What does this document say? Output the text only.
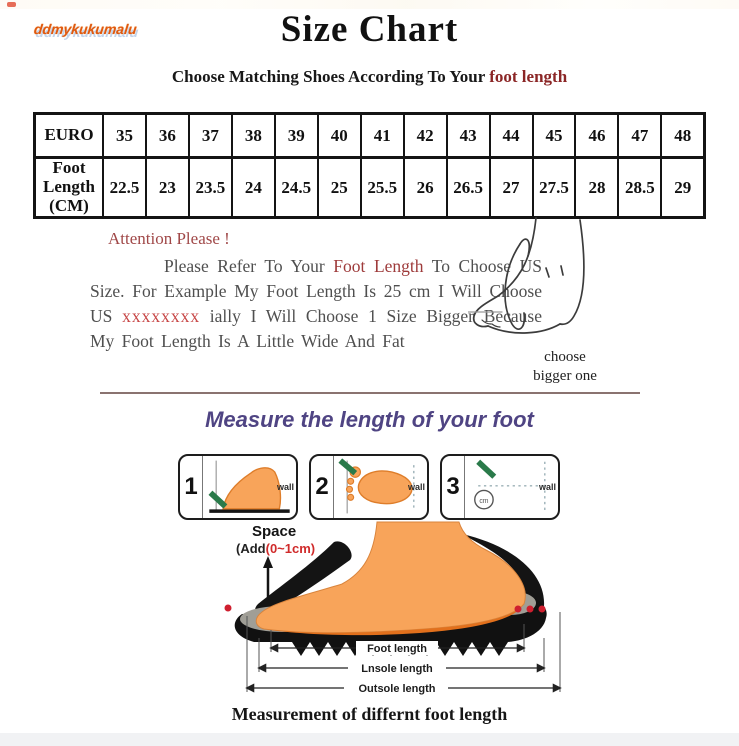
ddmykukumalu	Size Chart
Choose Matching Shoes According To Your foot length
EURO	35	36	37	38	39	40	41	42	43	44	45	46	47	48
Foot Length (CM)	22.5	23	23.5	24	24.5	25	25.5	26	26.5	27	27.5	28	28.5	29
Attention Please !
Please Refer To Your Foot Length To Choose US Size. For Example My Foot Length Is 25 cm I Will Choose US xxxxxxxx ially I Will Choose 1 Size Bigger Because My Foot Length Is A Little Wide And Fat
choose
bigger one
Measure the length of your foot
1	wall 2	wall 3
cm
wall
Space
(Add(0~1cm)
Foot length
Lnsole length
Outsole length
Measurement of differnt foot length
